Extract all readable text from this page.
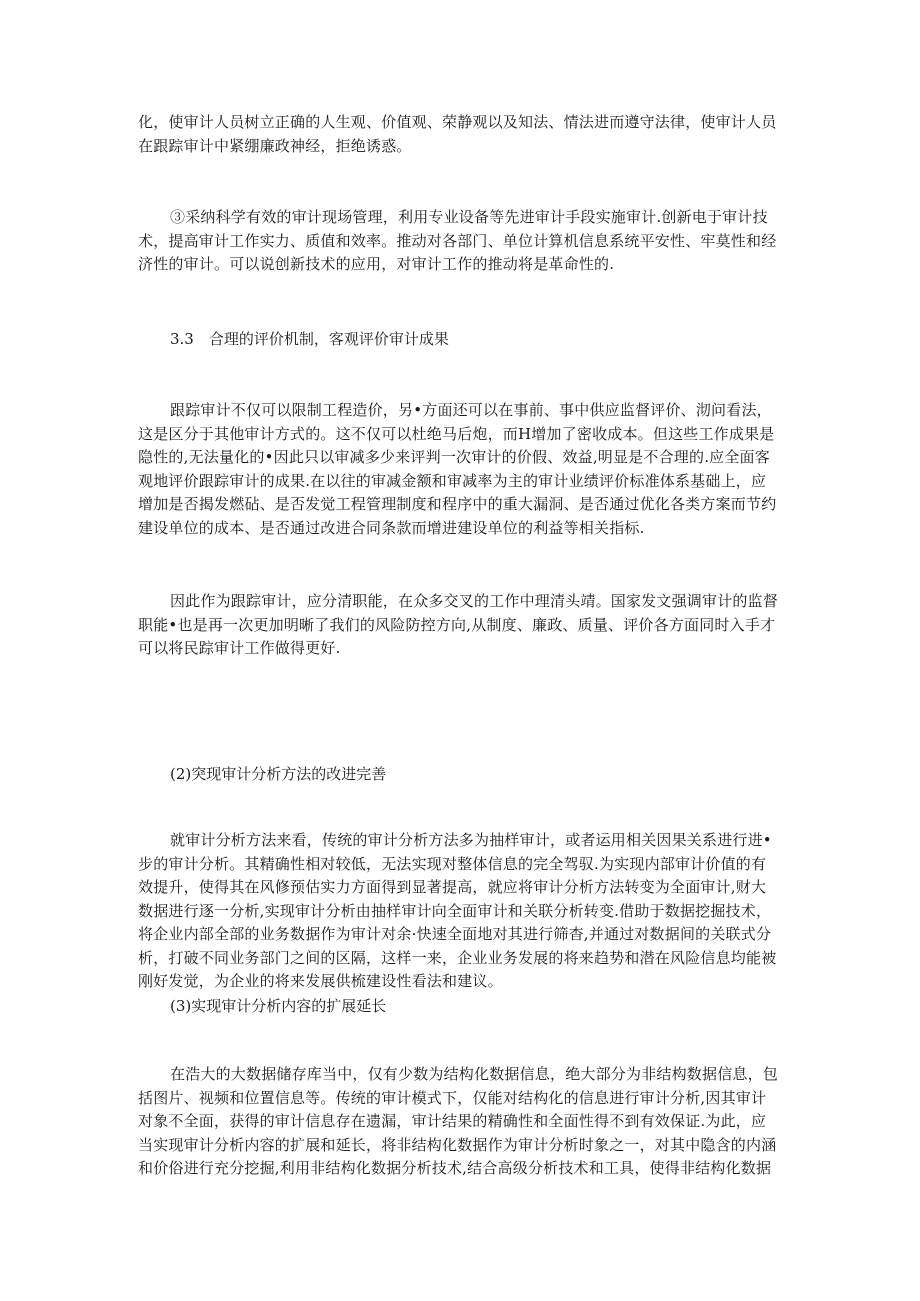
化，使审计人员树立正确的人生观、价值观、荣静观以及知法、情法进而遵守法律，使审计人员
在跟踪审计中紧绷廉政神经，拒绝诱惑。
③采纳科学有效的审计现场管理，利用专业设备等先进审计手段实施审计.创新电于审计技
术，提高审计工作实力、质值和效率。推动对各部门、单位计算机信息系统平安性、牢莫性和经
济性的审计。可以说创新技术的应用，对审计工作的推动将是革命性的.
3.3　合理的评价机制，客观评价审计成果
跟踪审计不仅可以限制工程造价，另•方面还可以在事前、事中供应监督评价、沏问看法，
这是区分于其他审计方式的。这不仅可以杜绝马后炮，而H增加了密收成本。但这些工作成果是
隐性的,无法量化的•因此只以审减多少来评判一次审计的价假、效益,明显是不合理的.应全面客
观地评价跟踪审计的成果.在以往的审减金额和审减率为主的审计业绩评价标准体系基础上，应
增加是否揭发燃砧、是否发觉工程管理制度和程序中的重大漏洞、是否通过优化各类方案而节约
建设单位的成本、是否通过改进合同条款而增进建设单位的利益等相关指标.
因此作为跟踪审计，应分清职能，在众多交叉的工作中理清头靖。国家发文强调审计的监督
职能•也是再一次更加明晰了我们的风险防控方向,从制度、廉政、质量、评价各方面同时入手才
可以将民踪审计工作做得更好.
(2)突现审计分析方法的改进完善
就审计分析方法来看，传统的审计分析方法多为抽样审计，或者运用相关因果关系进行进•
步的审计分析。其精确性相对较低，无法实现对整体信息的完全驾驭.为实现内部审计价值的有
效提升，使得其在风修预估实力方面得到显著提高，就应将审计分析方法转变为全面审计,财大
数据进行逐一分析,实现审计分析由抽样审计向全面审计和关联分析转变.借助于数据挖掘技术，
将企业内部全部的业务数据作为审计对余·快速全面地对其进行筛杳,并通过对数据间的关联式分
析，打破不同业务部门之间的区隔，这样一来，企业业务发展的将来趋势和潜在风险信息均能被
刚好发觉，为企业的将来发展供梳建设性看法和建议。
(3)实现审计分析内容的扩展延长
在浩大的大数据储存库当中，仅有少数为结构化数据信息，绝大部分为非结构数据信息，包
括图片、视频和位置信息等。传统的审计模式下，仅能对结构化的信息进行审计分析,因其审计
对象不全面，获得的审计信息存在遗漏，审计结果的精确性和全面性得不到有效保证.为此，应
当实现审计分析内容的扩展和延长，将非结构化数据作为审计分析时象之一，对其中隐含的内涵
和价俗进行充分挖掘,利用非结构化数据分析技术,结合高级分析技术和工具，使得非结构化数据
